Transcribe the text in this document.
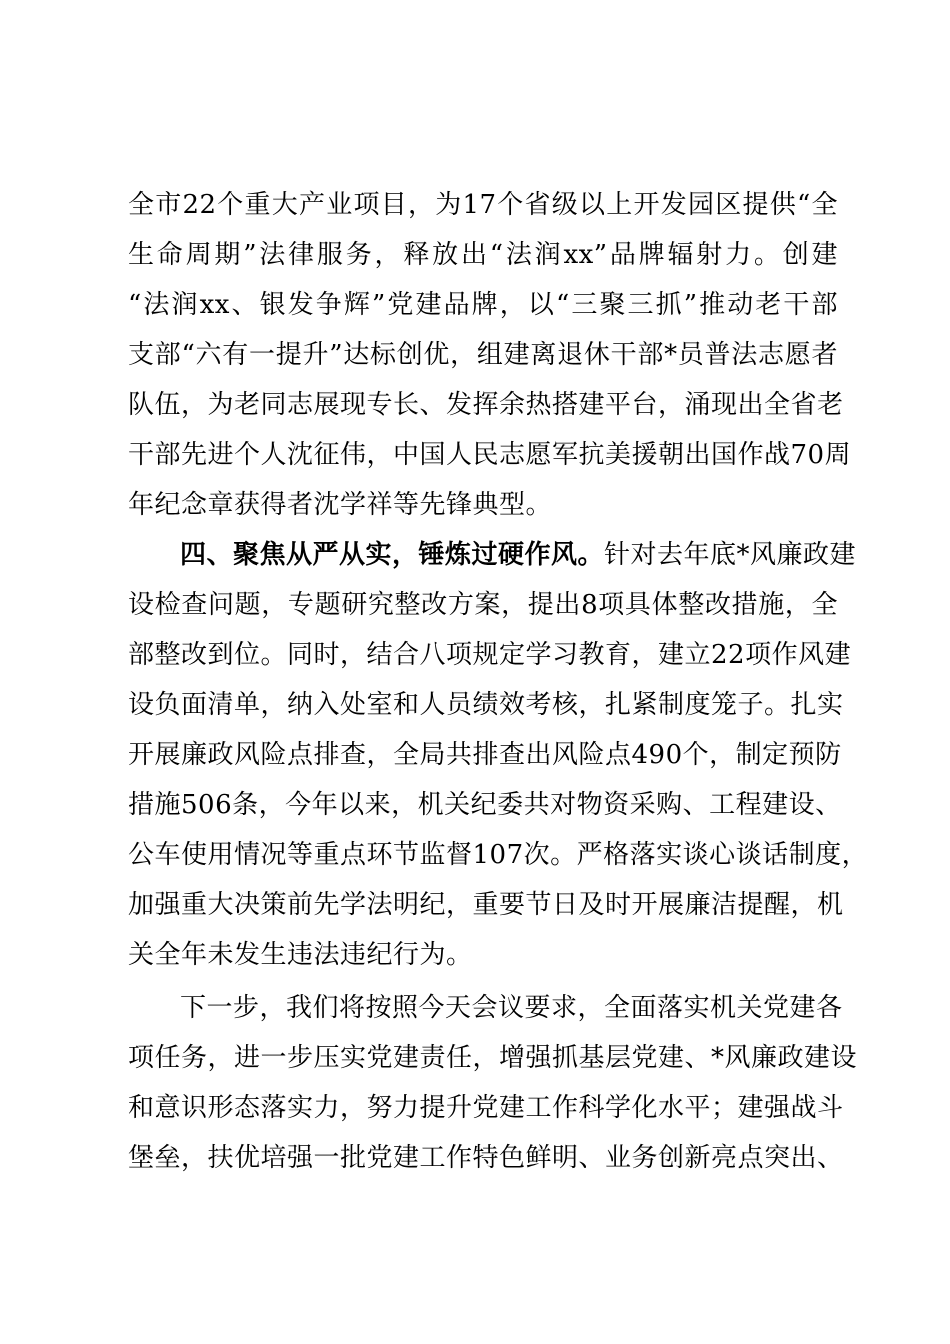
全市22个重大产业项目，为17个省级以上开发园区提供“全
生命周期”法律服务，释放出“法润xx”品牌辐射力。创建
“法润xx、银发争辉”党建品牌，以“三聚三抓”推动老干部
支部“六有一提升”达标创优，组建离退休干部*员普法志愿者
队伍，为老同志展现专长、发挥余热搭建平台，涌现出全省老
干部先进个人沈征伟，中国人民志愿军抗美援朝出国作战70周
年纪念章获得者沈学祥等先锋典型。
四、聚焦从严从实，锤炼过硬作风。 针对去年底*风廉政建
设检查问题，专题研究整改方案，提出8项具体整改措施，全
部整改到位。同时，结合八项规定学习教育，建立22项作风建
设负面清单，纳入处室和人员绩效考核，扎紧制度笼子。扎实
开展廉政风险点排查，全局共排查出风险点490个，制定预防
措施506条，今年以来，机关纪委共对物资采购、工程建设、
公车使用情况等重点环节监督107次。严格落实谈心谈话制度，
加强重大决策前先学法明纪，重要节日及时开展廉洁提醒，机
关全年未发生违法违纪行为。
下一步，我们将按照今天会议要求，全面落实机关党建各
项任务，进一步压实党建责任，增强抓基层党建、*风廉政建设
和意识形态落实力，努力提升党建工作科学化水平；建强战斗
堡垒，扶优培强一批党建工作特色鲜明、业务创新亮点突出、
